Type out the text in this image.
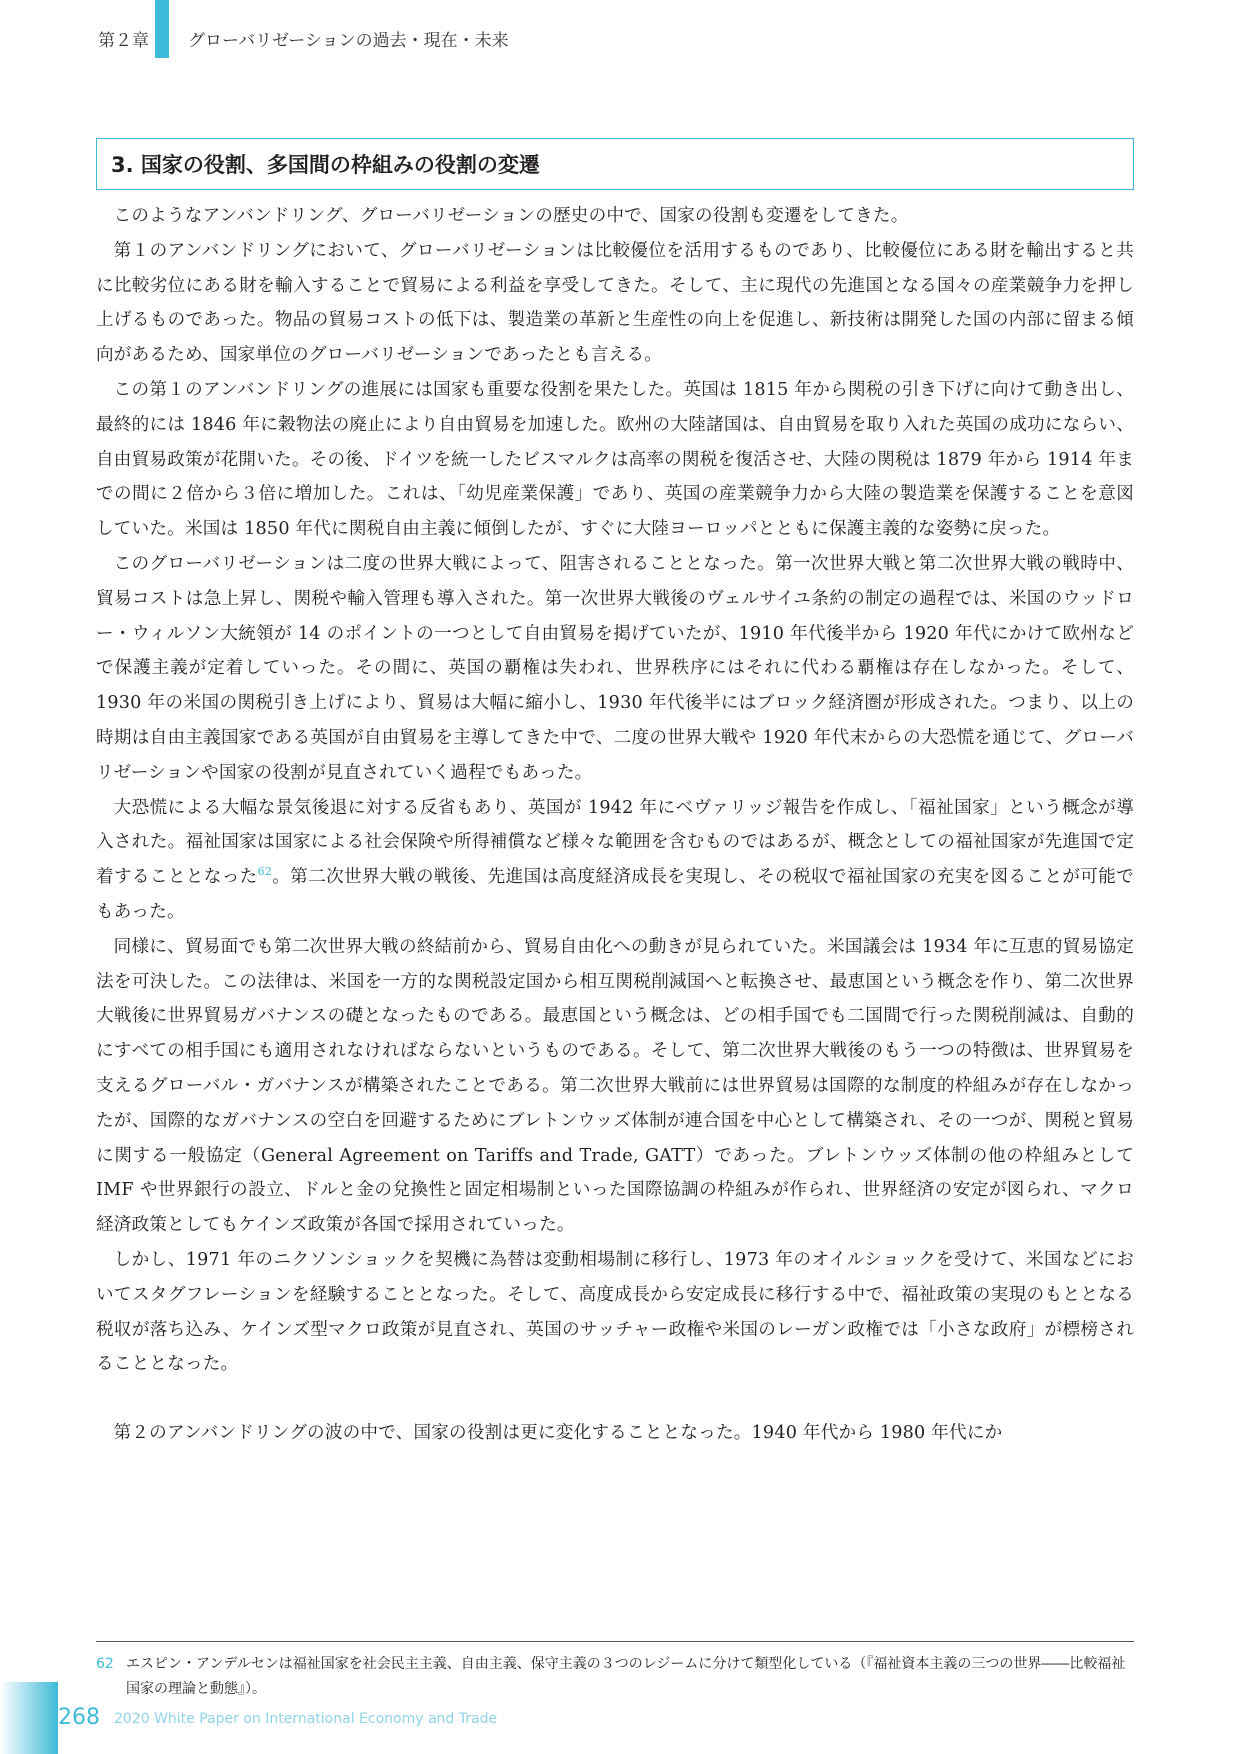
第２章 グローバリゼーションの過去・現在・未来
3. 国家の役割、多国間の枠組みの役割の変遷

このようなアンバンドリング、グローバリゼーションの歴史の中で、国家の役割も変遷をしてきた。

第１のアンバンドリングにおいて、グローバリゼーションは比較優位を活用するものであり、比較優位にある財を輸出すると共に比較劣位にある財を輸入することで貿易による利益を享受してきた。そして、主に現代の先進国となる国々の産業競争力を押し上げるものであった。物品の貿易コストの低下は、製造業の革新と生産性の向上を促進し、新技術は開発した国の内部に留まる傾向があるため、国家単位のグローバリゼーションであったとも言える。

この第１のアンバンドリングの進展には国家も重要な役割を果たした。英国は 1815 年から関税の引き下げに向けて動き出し、最終的には 1846 年に穀物法の廃止により自由貿易を加速した。欧州の大陸諸国は、自由貿易を取り入れた英国の成功にならい、自由貿易政策が花開いた。その後、ドイツを統一したビスマルクは高率の関税を復活させ、大陸の関税は 1879 年から 1914 年までの間に２倍から３倍に増加した。これは、「幼児産業保護」であり、英国の産業競争力から大陸の製造業を保護することを意図していた。米国は 1850 年代に関税自由主義に傾倒したが、すぐに大陸ヨーロッパとともに保護主義的な姿勢に戻った。

このグローバリゼーションは二度の世界大戦によって、阻害されることとなった。第一次世界大戦と第二次世界大戦の戦時中、貿易コストは急上昇し、関税や輸入管理も導入された。第一次世界大戦後のヴェルサイユ条約の制定の過程では、米国のウッドロー・ウィルソン大統領が 14 のポイントの一つとして自由貿易を掲げていたが、1910 年代後半から 1920 年代にかけて欧州などで保護主義が定着していった。その間に、英国の覇権は失われ、世界秩序にはそれに代わる覇権は存在しなかった。そして、1930 年の米国の関税引き上げにより、貿易は大幅に縮小し、1930 年代後半にはブロック経済圏が形成された。つまり、以上の時期は自由主義国家である英国が自由貿易を主導してきた中で、二度の世界大戦や 1920 年代末からの大恐慌を通じて、グローバリゼーションや国家の役割が見直されていく過程でもあった。

大恐慌による大幅な景気後退に対する反省もあり、英国が 1942 年にベヴァリッジ報告を作成し、「福祉国家」という概念が導入された。福祉国家は国家による社会保険や所得補償など様々な範囲を含むものではあるが、概念としての福祉国家が先進国で定着することとなった$^{62}$。第二次世界大戦の戦後、先進国は高度経済成長を実現し、その税収で福祉国家の充実を図ることが可能でもあった。

同様に、貿易面でも第二次世界大戦の終結前から、貿易自由化への動きが見られていた。米国議会は 1934 年に互恵的貿易協定法を可決した。この法律は、米国を一方的な関税設定国から相互関税削減国へと転換させ、最恵国という概念を作り、第二次世界大戦後に世界貿易ガバナンスの礎となったものである。最恵国という概念は、どの相手国でも二国間で行った関税削減は、自動的にすべての相手国にも適用されなければならないというものである。そして、第二次世界大戦後のもう一つの特徴は、世界貿易を支えるグローバル・ガバナンスが構築されたことである。第二次世界大戦前には世界貿易は国際的な制度的枠組みが存在しなかったが、国際的なガバナンスの空白を回避するためにブレトンウッズ体制が連合国を中心として構築され、その一つが、関税と貿易に関する一般協定（General Agreement on Tariffs and Trade, GATT）であった。ブレトンウッズ体制の他の枠組みとして IMF や世界銀行の設立、ドルと金の兌換性と固定相場制といった国際協調の枠組みが作られ、世界経済の安定が図られ、マクロ経済政策としてもケインズ政策が各国で採用されていった。

しかし、1971 年のニクソンショックを契機に為替は変動相場制に移行し、1973 年のオイルショックを受けて、米国などにおいてスタグフレーションを経験することとなった。そして、高度成長から安定成長に移行する中で、福祉政策の実現のもととなる税収が落ち込み、ケインズ型マクロ政策が見直され、英国のサッチャー政権や米国のレーガン政権では「小さな政府」が標榜されることとなった。

第２のアンバンドリングの波の中で、国家の役割は更に変化することとなった。1940 年代から 1980 年代にか

62 エスピン・アンデルセンは福祉国家を社会民主主義、自由主義、保守主義の３つのレジームに分けて類型化している（『福祉資本主義の三つの世界――比較福祉国家の理論と動態』）。
268 2020 White Paper on International Economy and Trade
